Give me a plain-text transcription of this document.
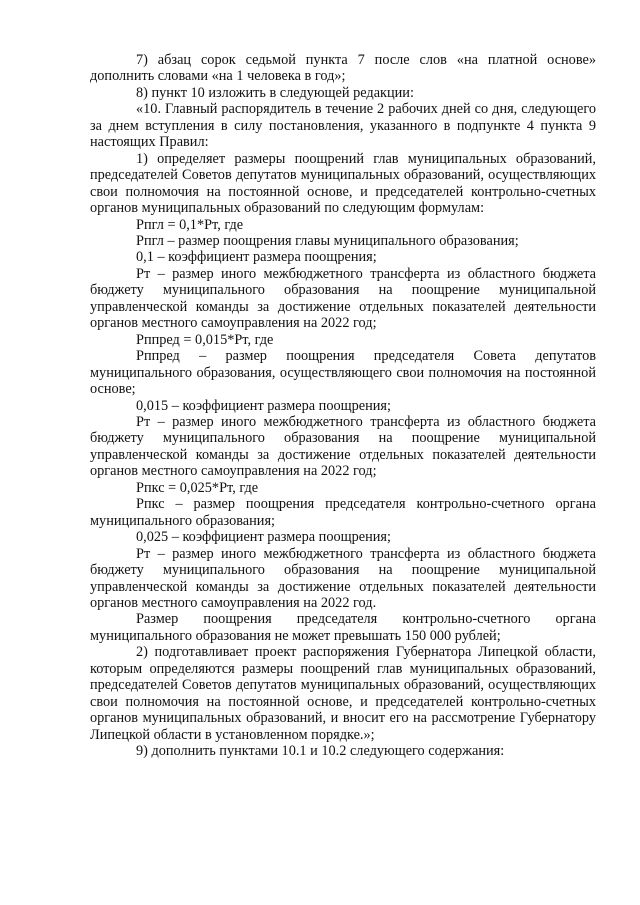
7) абзац сорок седьмой пункта 7 после слов «на платной основе» дополнить словами «на 1 человека в год»;

8) пункт 10 изложить в следующей редакции:

«10. Главный распорядитель в течение 2 рабочих дней со дня, следующего за днем вступления в силу постановления, указанного в подпункте 4 пункта 9 настоящих Правил:

1) определяет размеры поощрений глав муниципальных образований, председателей Советов депутатов муниципальных образований, осуществляющих свои полномочия на постоянной основе, и председателей контрольно-счетных органов муниципальных образований по следующим формулам:

Рпгл = 0,1*Рт, где

Рпгл – размер поощрения главы муниципального образования;

0,1 – коэффициент размера поощрения;

Рт – размер иного межбюджетного трансферта из областного бюджета бюджету муниципального образования на поощрение муниципальной управленческой команды за достижение отдельных показателей деятельности органов местного самоуправления на 2022 год;

Рппред = 0,015*Рт, где

Рппред – размер поощрения председателя Совета депутатов муниципального образования, осуществляющего свои полномочия на постоянной основе;

0,015 – коэффициент размера поощрения;

Рт – размер иного межбюджетного трансферта из областного бюджета бюджету муниципального образования на поощрение муниципальной управленческой команды за достижение отдельных показателей деятельности органов местного самоуправления на 2022 год;

Рпкс = 0,025*Рт, где

Рпкс – размер поощрения председателя контрольно-счетного органа муниципального образования;

0,025 – коэффициент размера поощрения;

Рт – размер иного межбюджетного трансферта из областного бюджета бюджету муниципального образования на поощрение муниципальной управленческой команды за достижение отдельных показателей деятельности органов местного самоуправления на 2022 год.

Размер поощрения председателя контрольно-счетного органа муниципального образования не может превышать 150 000 рублей;

2) подготавливает проект распоряжения Губернатора Липецкой области, которым определяются размеры поощрений глав муниципальных образований, председателей Советов депутатов муниципальных образований, осуществляющих свои полномочия на постоянной основе, и председателей контрольно-счетных органов муниципальных образований, и вносит его на рассмотрение Губернатору Липецкой области в установленном порядке.»;

9) дополнить пунктами 10.1 и 10.2 следующего содержания:
